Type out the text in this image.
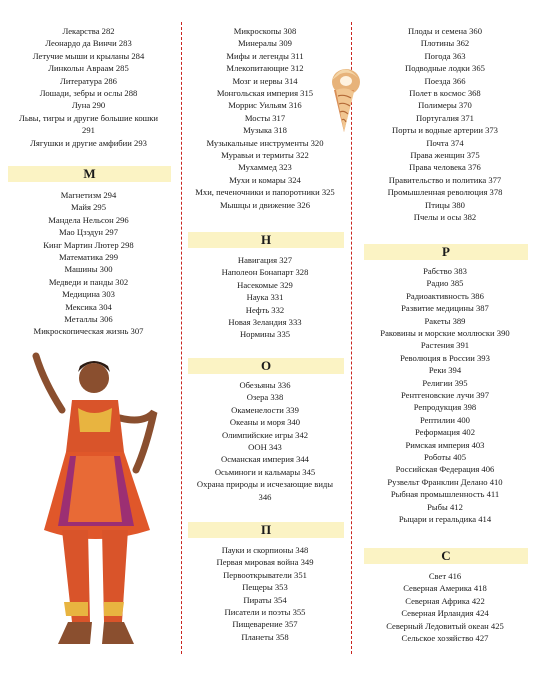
Лекарства 282
Леонардо да Винчи 283
Летучие мыши и крыланы 284
Линкольн Авраам 285
Литература 286
Лошади, зебры и ослы 288
Луна 290
Львы, тигры и другие большие кошки
291
Лягушки и другие амфибии 293
М
Магнетизм 294
Майя 295
Мандела Нельсон 296
Мао Цзэдун 297
Кинг Мартин Лютер 298
Математика 299
Машины 300
Медведи и панды 302
Медицина 303
Мексика 304
Металлы 306
Микроскопическая жизнь 307
Микроскопы 308
Минералы 309
Мифы и легенды 311
Млекопитающие 312
Мозг и нервы 314
Монгольская империя 315
Моррис Уильям 316
Мосты 317
Музыка 318
Музыкальные инструменты 320
Муравьи и термиты 322
Мухаммед 323
Мухи и комары 324
Мхи, печеночники и папоротники 325
Мышцы и движение 326
Н
Навигация 327
Наполеон Бонапарт 328
Насекомые 329
Наука 331
Нефть 332
Новая Зеландия 333
Нормины 335
О
Обезьяны 336
Озера 338
Окаменелости 339
Океаны и моря 340
Олимпийские игры 342
ООН 343
Османская империя 344
Осьминоги и кальмары 345
Охрана природы и исчезающие виды
346
П
Пауки и скорпионы 348
Первая мировая война 349
Первооткрыватели 351
Пещеры 353
Пираты 354
Писатели и поэты 355
Пищеварение 357
Планеты 358
Плоды и семена 360
Плотины 362
Погода 363
Подводные лодки 365
Поезда 366
Полет в космос 368
Полимеры 370
Португалия 371
Порты и водные артерии 373
Почта 374
Права женщин 375
Права человека 376
Правительство и политика 377
Промышленная революция 378
Птицы 380
Пчелы и осы 382
Р
Рабство 383
Радио 385
Радиоактивность 386
Развитие медицины 387
Ракеты 389
Раковины и морские моллюски 390
Растения 391
Революция в России 393
Реки 394
Религии 395
Рентгеновские лучи 397
Репродукция 398
Рептилии 400
Реформация 402
Римская империя 403
Роботы 405
Российская Федерация 406
Рузвельт Франклин Делано 410
Рыбная промышленность 411
Рыбы 412
Рыцари и геральдика 414
С
Свет 416
Северная Америка 418
Северная Африка 422
Северная Ирландия 424
Северный Ледовитый океан 425
Сельское хозяйство 427
